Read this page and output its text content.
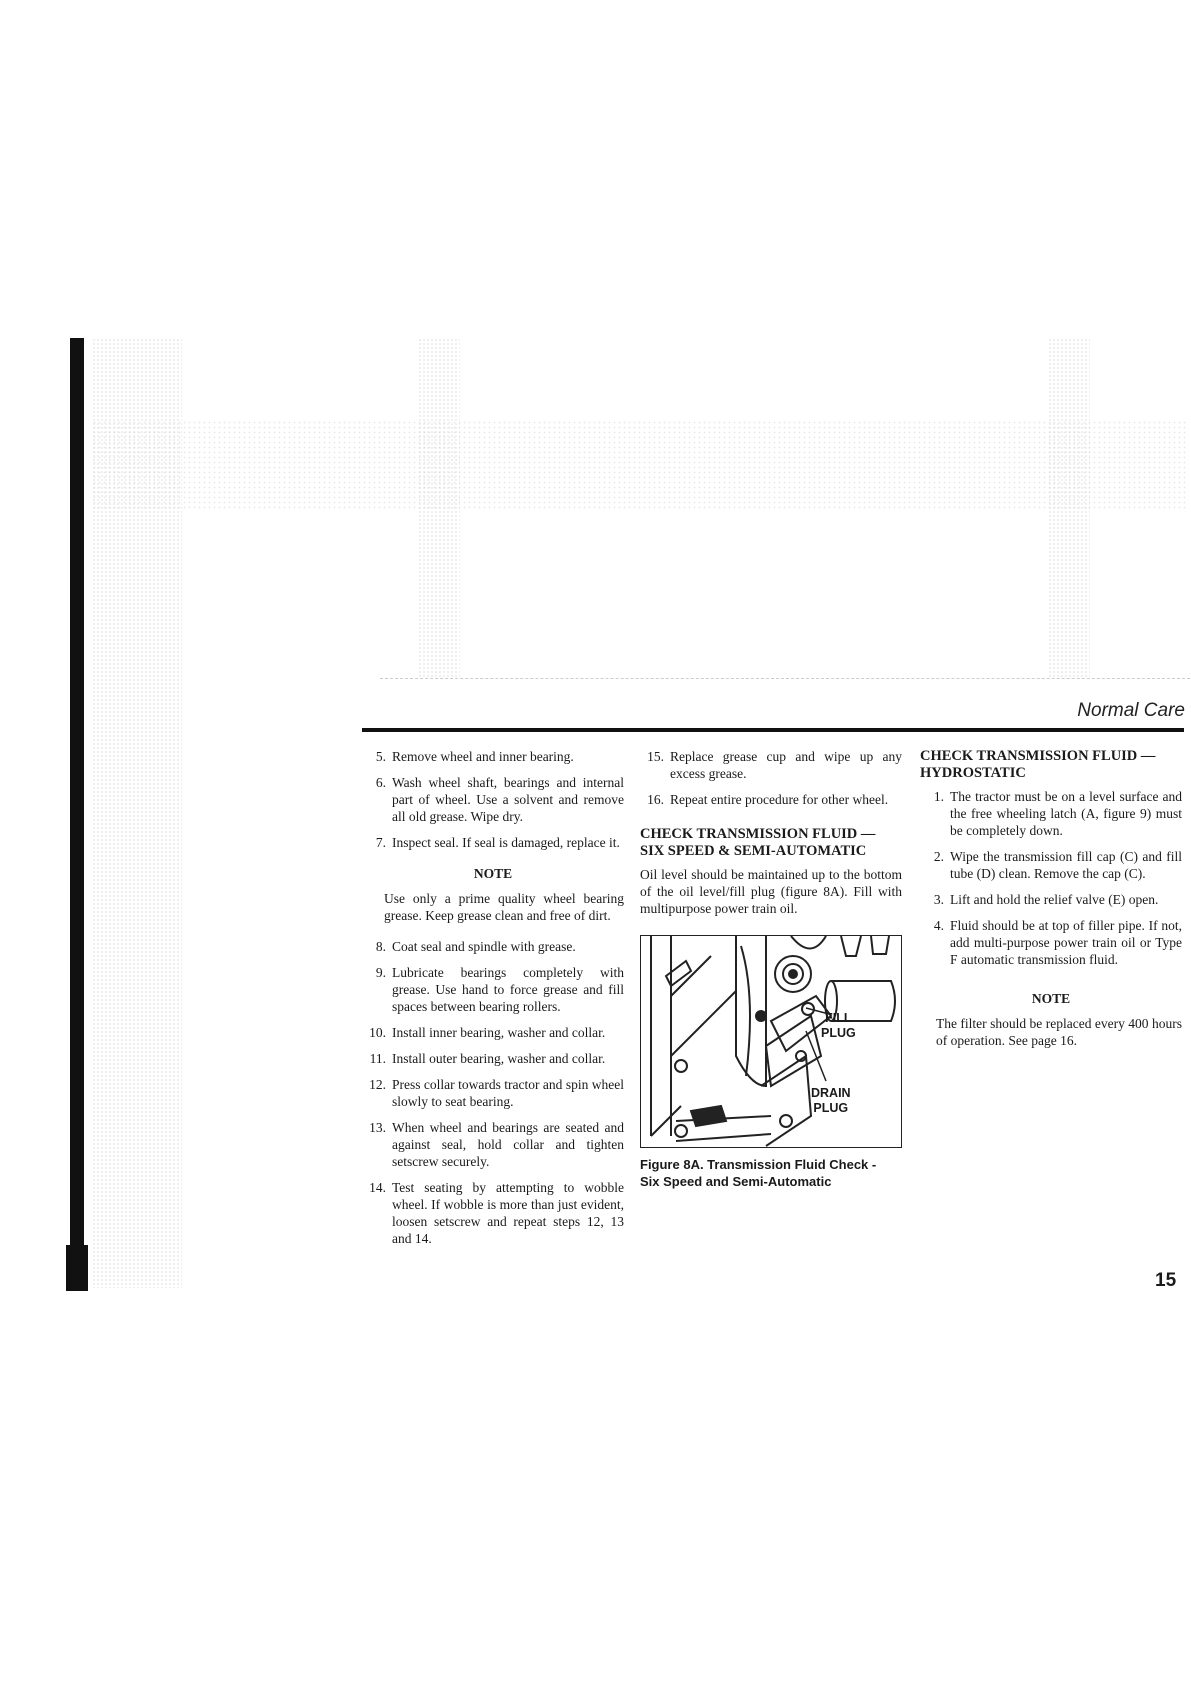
Normal Care
5. Remove wheel and inner bearing.
6. Wash wheel shaft, bearings and internal part of wheel. Use a solvent and remove all old grease. Wipe dry.
7. Inspect seal. If seal is damaged, replace it.
NOTE

Use only a prime quality wheel bearing grease. Keep grease clean and free of dirt.

8. Coat seal and spindle with grease.
9. Lubricate bearings completely with grease. Use hand to force grease and fill spaces between bearing rollers.
10. Install inner bearing, washer and collar.
11. Install outer bearing, washer and collar.
12. Press collar towards tractor and spin wheel slowly to seat bearing.
13. When wheel and bearings are seated and against seal, hold collar and tighten setscrew securely.
14. Test seating by attempting to wobble wheel. If wobble is more than just evident, loosen setscrew and repeat steps 12, 13 and 14.
15. Replace grease cup and wipe up any excess grease.
16. Repeat entire procedure for other wheel.
CHECK TRANSMISSION FLUID —
SIX SPEED & SEMI-AUTOMATIC

Oil level should be maintained up to the bottom of the oil level/fill plug (figure 8A). Fill with multipurpose power train oil.

FILL
PLUG
DRAIN
PLUG
Figure 8A. Transmission Fluid Check -
Six Speed and Semi-Automatic
CHECK TRANSMISSION FLUID —
HYDROSTATIC
1. The tractor must be on a level surface and the free wheeling latch (A, figure 9) must be completely down.
2. Wipe the transmission fill cap (C) and fill tube (D) clean. Remove the cap (C).
3. Lift and hold the relief valve (E) open.
4. Fluid should be at top of filler pipe. If not, add multi-purpose power train oil or Type F automatic transmission fluid.
NOTE

The filter should be replaced every 400 hours of operation. See page 16.

15
